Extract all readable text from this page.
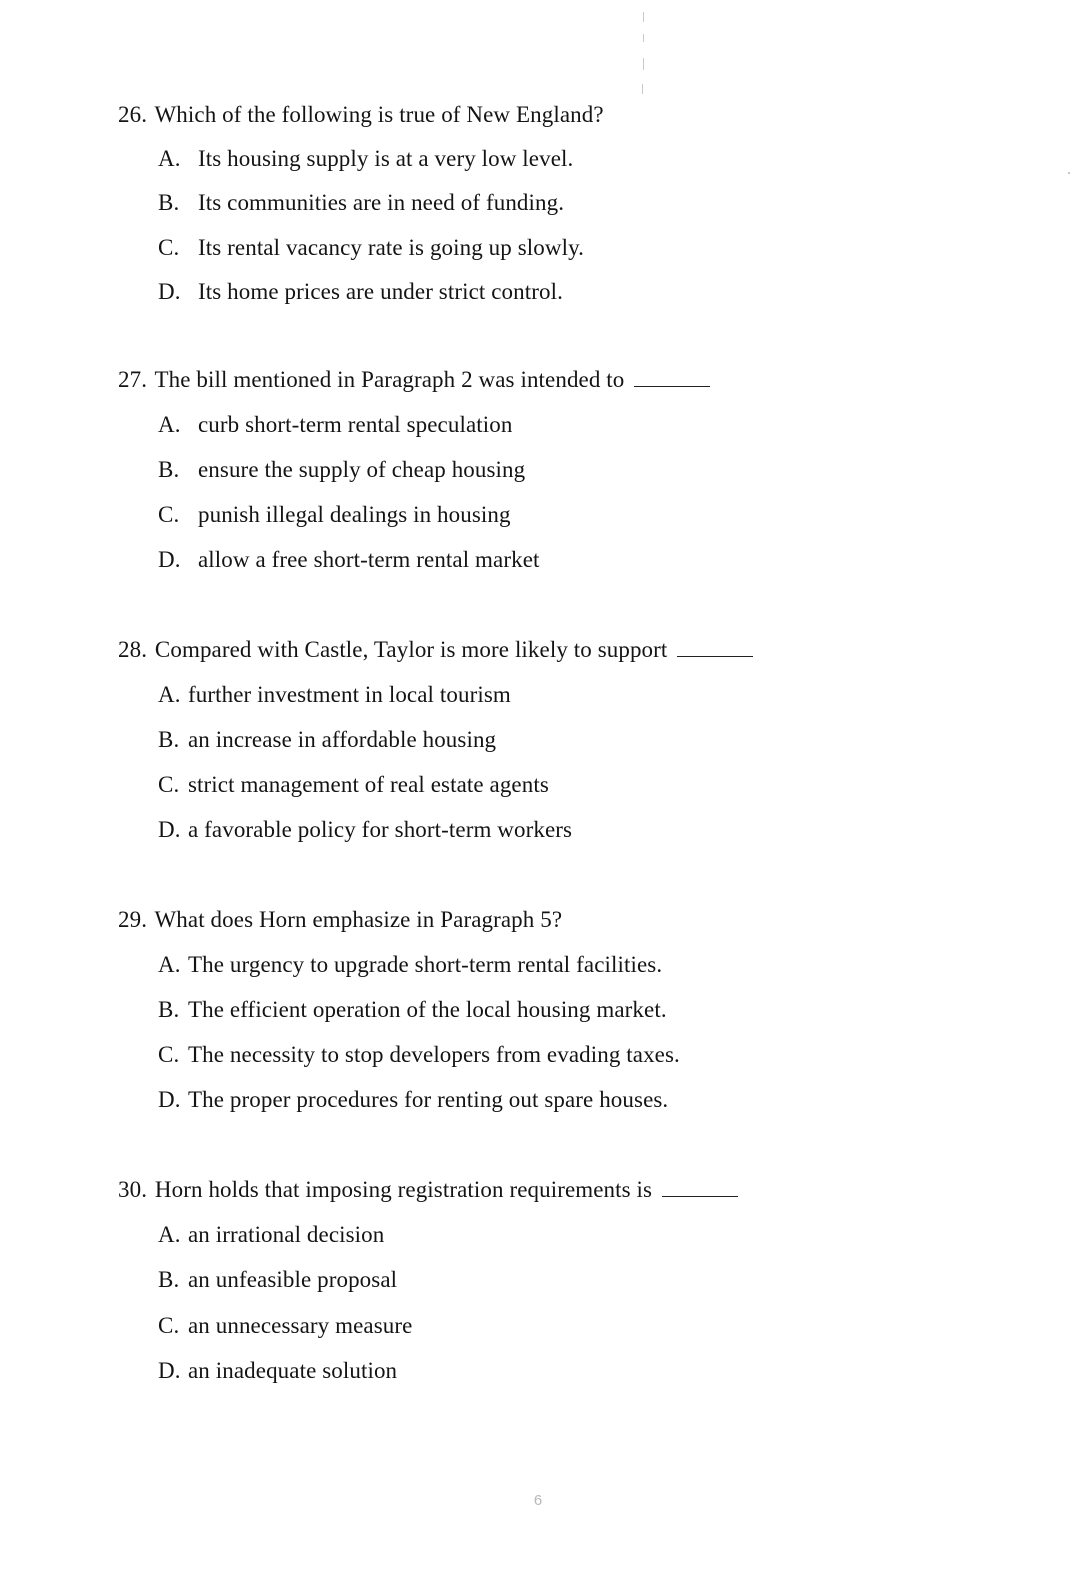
26. Which of the following is true of New England?
A. Its housing supply is at a very low level.
B. Its communities are in need of funding.
C. Its rental vacancy rate is going up slowly.
D. Its home prices are under strict control.
27. The bill mentioned in Paragraph 2 was intended to
A. curb short-term rental speculation
B. ensure the supply of cheap housing
C. punish illegal dealings in housing
D. allow a free short-term rental market
28. Compared with Castle, Taylor is more likely to support
A. further investment in local tourism
B. an increase in affordable housing
C. strict management of real estate agents
D. a favorable policy for short-term workers
29. What does Horn emphasize in Paragraph 5?
A. The urgency to upgrade short-term rental facilities.
B. The efficient operation of the local housing market.
C. The necessity to stop developers from evading taxes.
D. The proper procedures for renting out spare houses.
30. Horn holds that imposing registration requirements is
A. an irrational decision
B. an unfeasible proposal
C. an unnecessary measure
D. an inadequate solution
6
